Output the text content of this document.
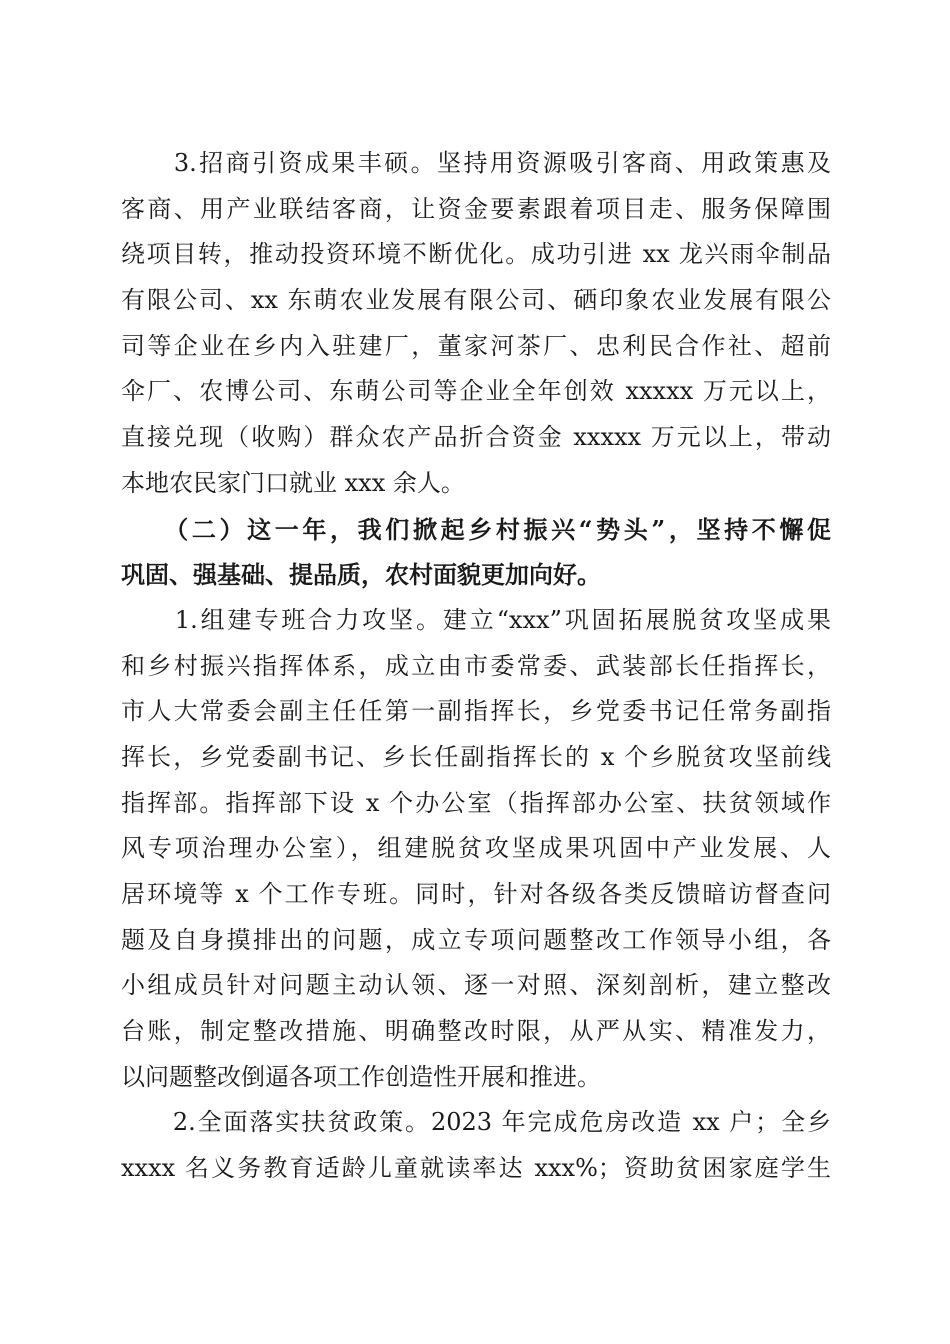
　　3.招商引资成果丰硕。坚持用资源吸引客商、用政策惠及
客商、用产业联结客商，让资金要素跟着项目走、服务保障围
绕项目转，推动投资环境不断优化。成功引进 xx 龙兴雨伞制品
有限公司、xx 东萌农业发展有限公司、硒印象农业发展有限公
司等企业在乡内入驻建厂，董家河茶厂、忠利民合作社、超前
伞厂、农博公司、东萌公司等企业全年创效 xxxxx 万元以上，
直接兑现（收购）群众农产品折合资金 xxxxx 万元以上，带动
本地农民家门口就业 xxx 余人。
　　（二）这一年，我们掀起乡村振兴“势头”，坚持不懈促
巩固、强基础、提品质，农村面貌更加向好。
　　1.组建专班合力攻坚。建立“xxx”巩固拓展脱贫攻坚成果
和乡村振兴指挥体系，成立由市委常委、武装部长任指挥长，
市人大常委会副主任任第一副指挥长，乡党委书记任常务副指
挥长，乡党委副书记、乡长任副指挥长的 x 个乡脱贫攻坚前线
指挥部。指挥部下设 x 个办公室（指挥部办公室、扶贫领域作
风专项治理办公室），组建脱贫攻坚成果巩固中产业发展、人
居环境等 x 个工作专班。同时，针对各级各类反馈暗访督查问
题及自身摸排出的问题，成立专项问题整改工作领导小组，各
小组成员针对问题主动认领、逐一对照、深刻剖析，建立整改
台账，制定整改措施、明确整改时限，从严从实、精准发力，
以问题整改倒逼各项工作创造性开展和推进。
　　2.全面落实扶贫政策。2023 年完成危房改造 xx 户；全乡
xxxx 名义务教育适龄儿童就读率达 xxx%；资助贫困家庭学生
